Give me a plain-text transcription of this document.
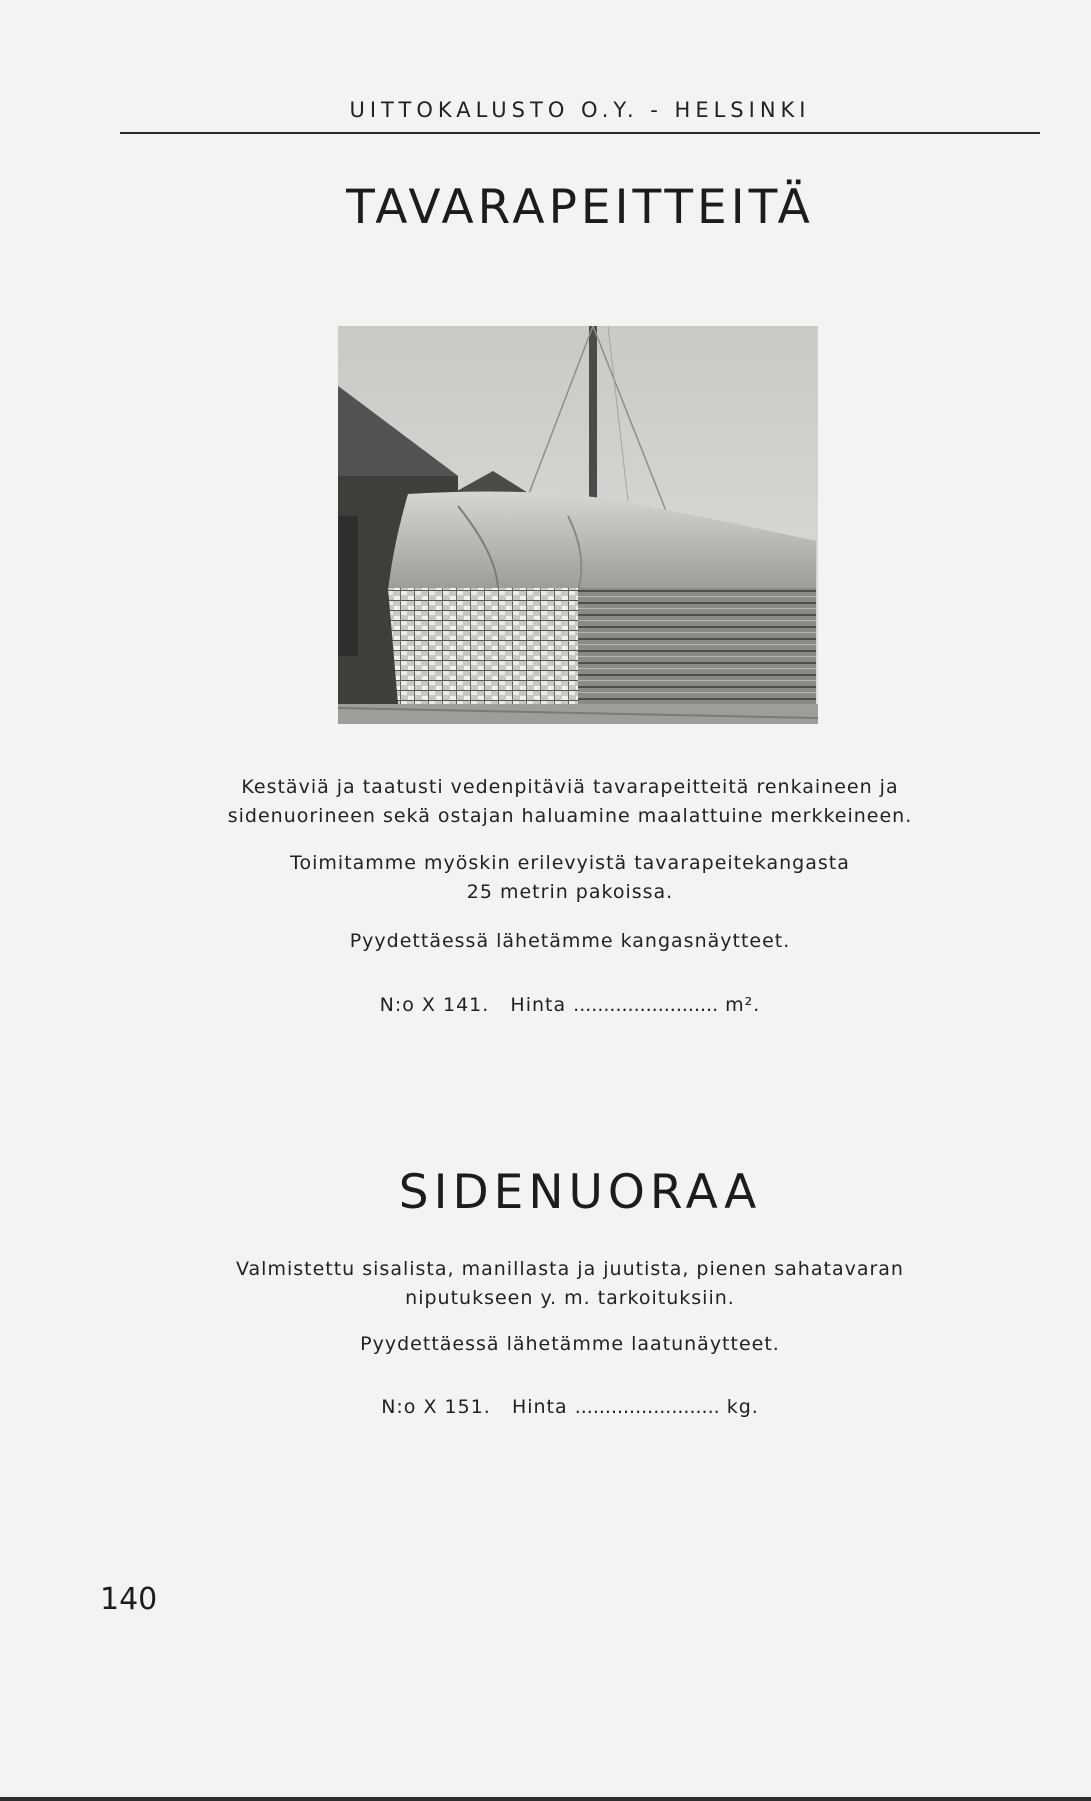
UITTOKALUSTO O.Y. - HELSINKI
TAVARAPEITTEITÄ

Kestäviä ja taatusti vedenpitäviä tavarapeitteitä renkaineen ja sidenuorineen sekä ostajan haluamine maalattuine merkkeineen.

Toimitamme myöskin erilevyistä tavarapeitekangasta
25 metrin pakoissa.

Pyydettäessä lähetämme kangasnäytteet.

N:o X 141. Hinta ........................ m².

SIDENUORAA

Valmistettu sisalista, manillasta ja juutista, pienen sahatavaran niputukseen y. m. tarkoituksiin.

Pyydettäessä lähetämme laatunäytteet.

N:o X 151. Hinta ........................ kg.

140
